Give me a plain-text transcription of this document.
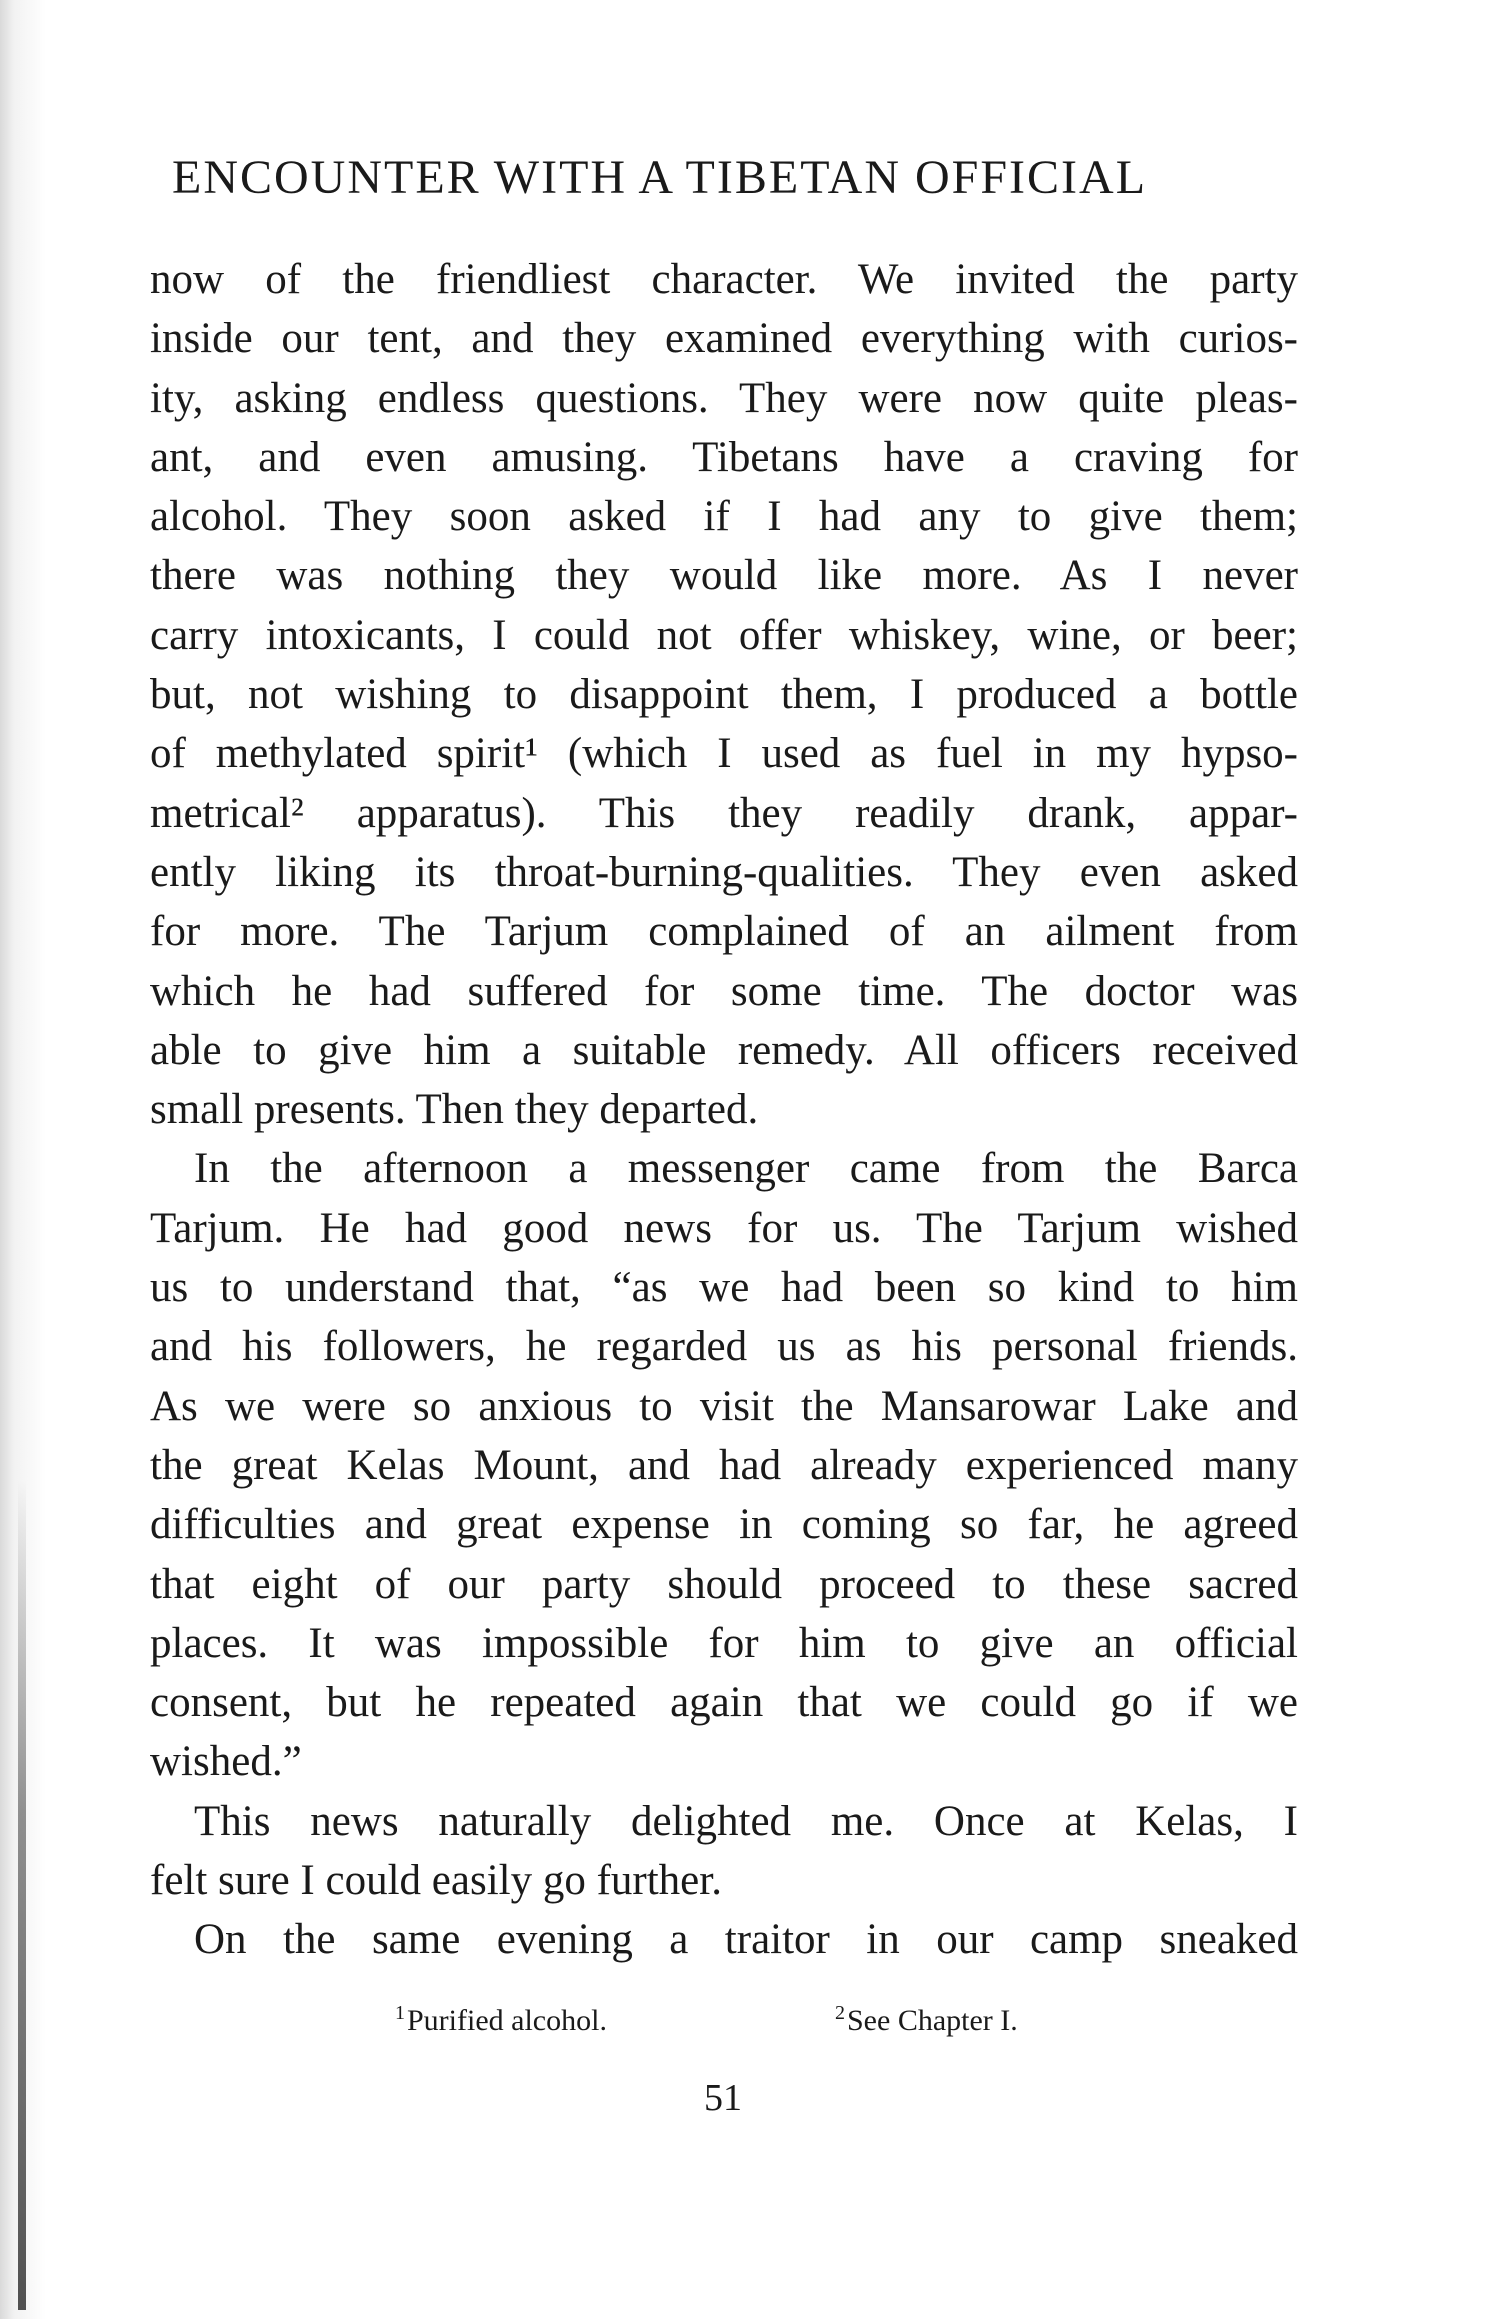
ENCOUNTER WITH A TIBETAN OFFICIAL
now of the friendliest character. We invited the party
inside our tent, and they examined everything with curios-
ity, asking endless questions. They were now quite pleas-
ant, and even amusing. Tibetans have a craving for
alcohol. They soon asked if I had any to give them;
there was nothing they would like more. As I never
carry intoxicants, I could not offer whiskey, wine, or beer;
but, not wishing to disappoint them, I produced a bottle
of methylated spirit¹ (which I used as fuel in my hypso-
metrical² apparatus). This they readily drank, appar-
ently liking its throat-burning-qualities. They even asked
for more. The Tarjum complained of an ailment from
which he had suffered for some time. The doctor was
able to give him a suitable remedy. All officers received
small presents. Then they departed.
In the afternoon a messenger came from the Barca
Tarjum. He had good news for us. The Tarjum wished
us to understand that, “as we had been so kind to him
and his followers, he regarded us as his personal friends.
As we were so anxious to visit the Mansarowar Lake and
the great Kelas Mount, and had already experienced many
difficulties and great expense in coming so far, he agreed
that eight of our party should proceed to these sacred
places. It was impossible for him to give an official
consent, but he repeated again that we could go if we
wished.”
This news naturally delighted me. Once at Kelas, I
felt sure I could easily go further.
On the same evening a traitor in our camp sneaked
$^1$Purified alcohol.	$^2$See Chapter I.
51
